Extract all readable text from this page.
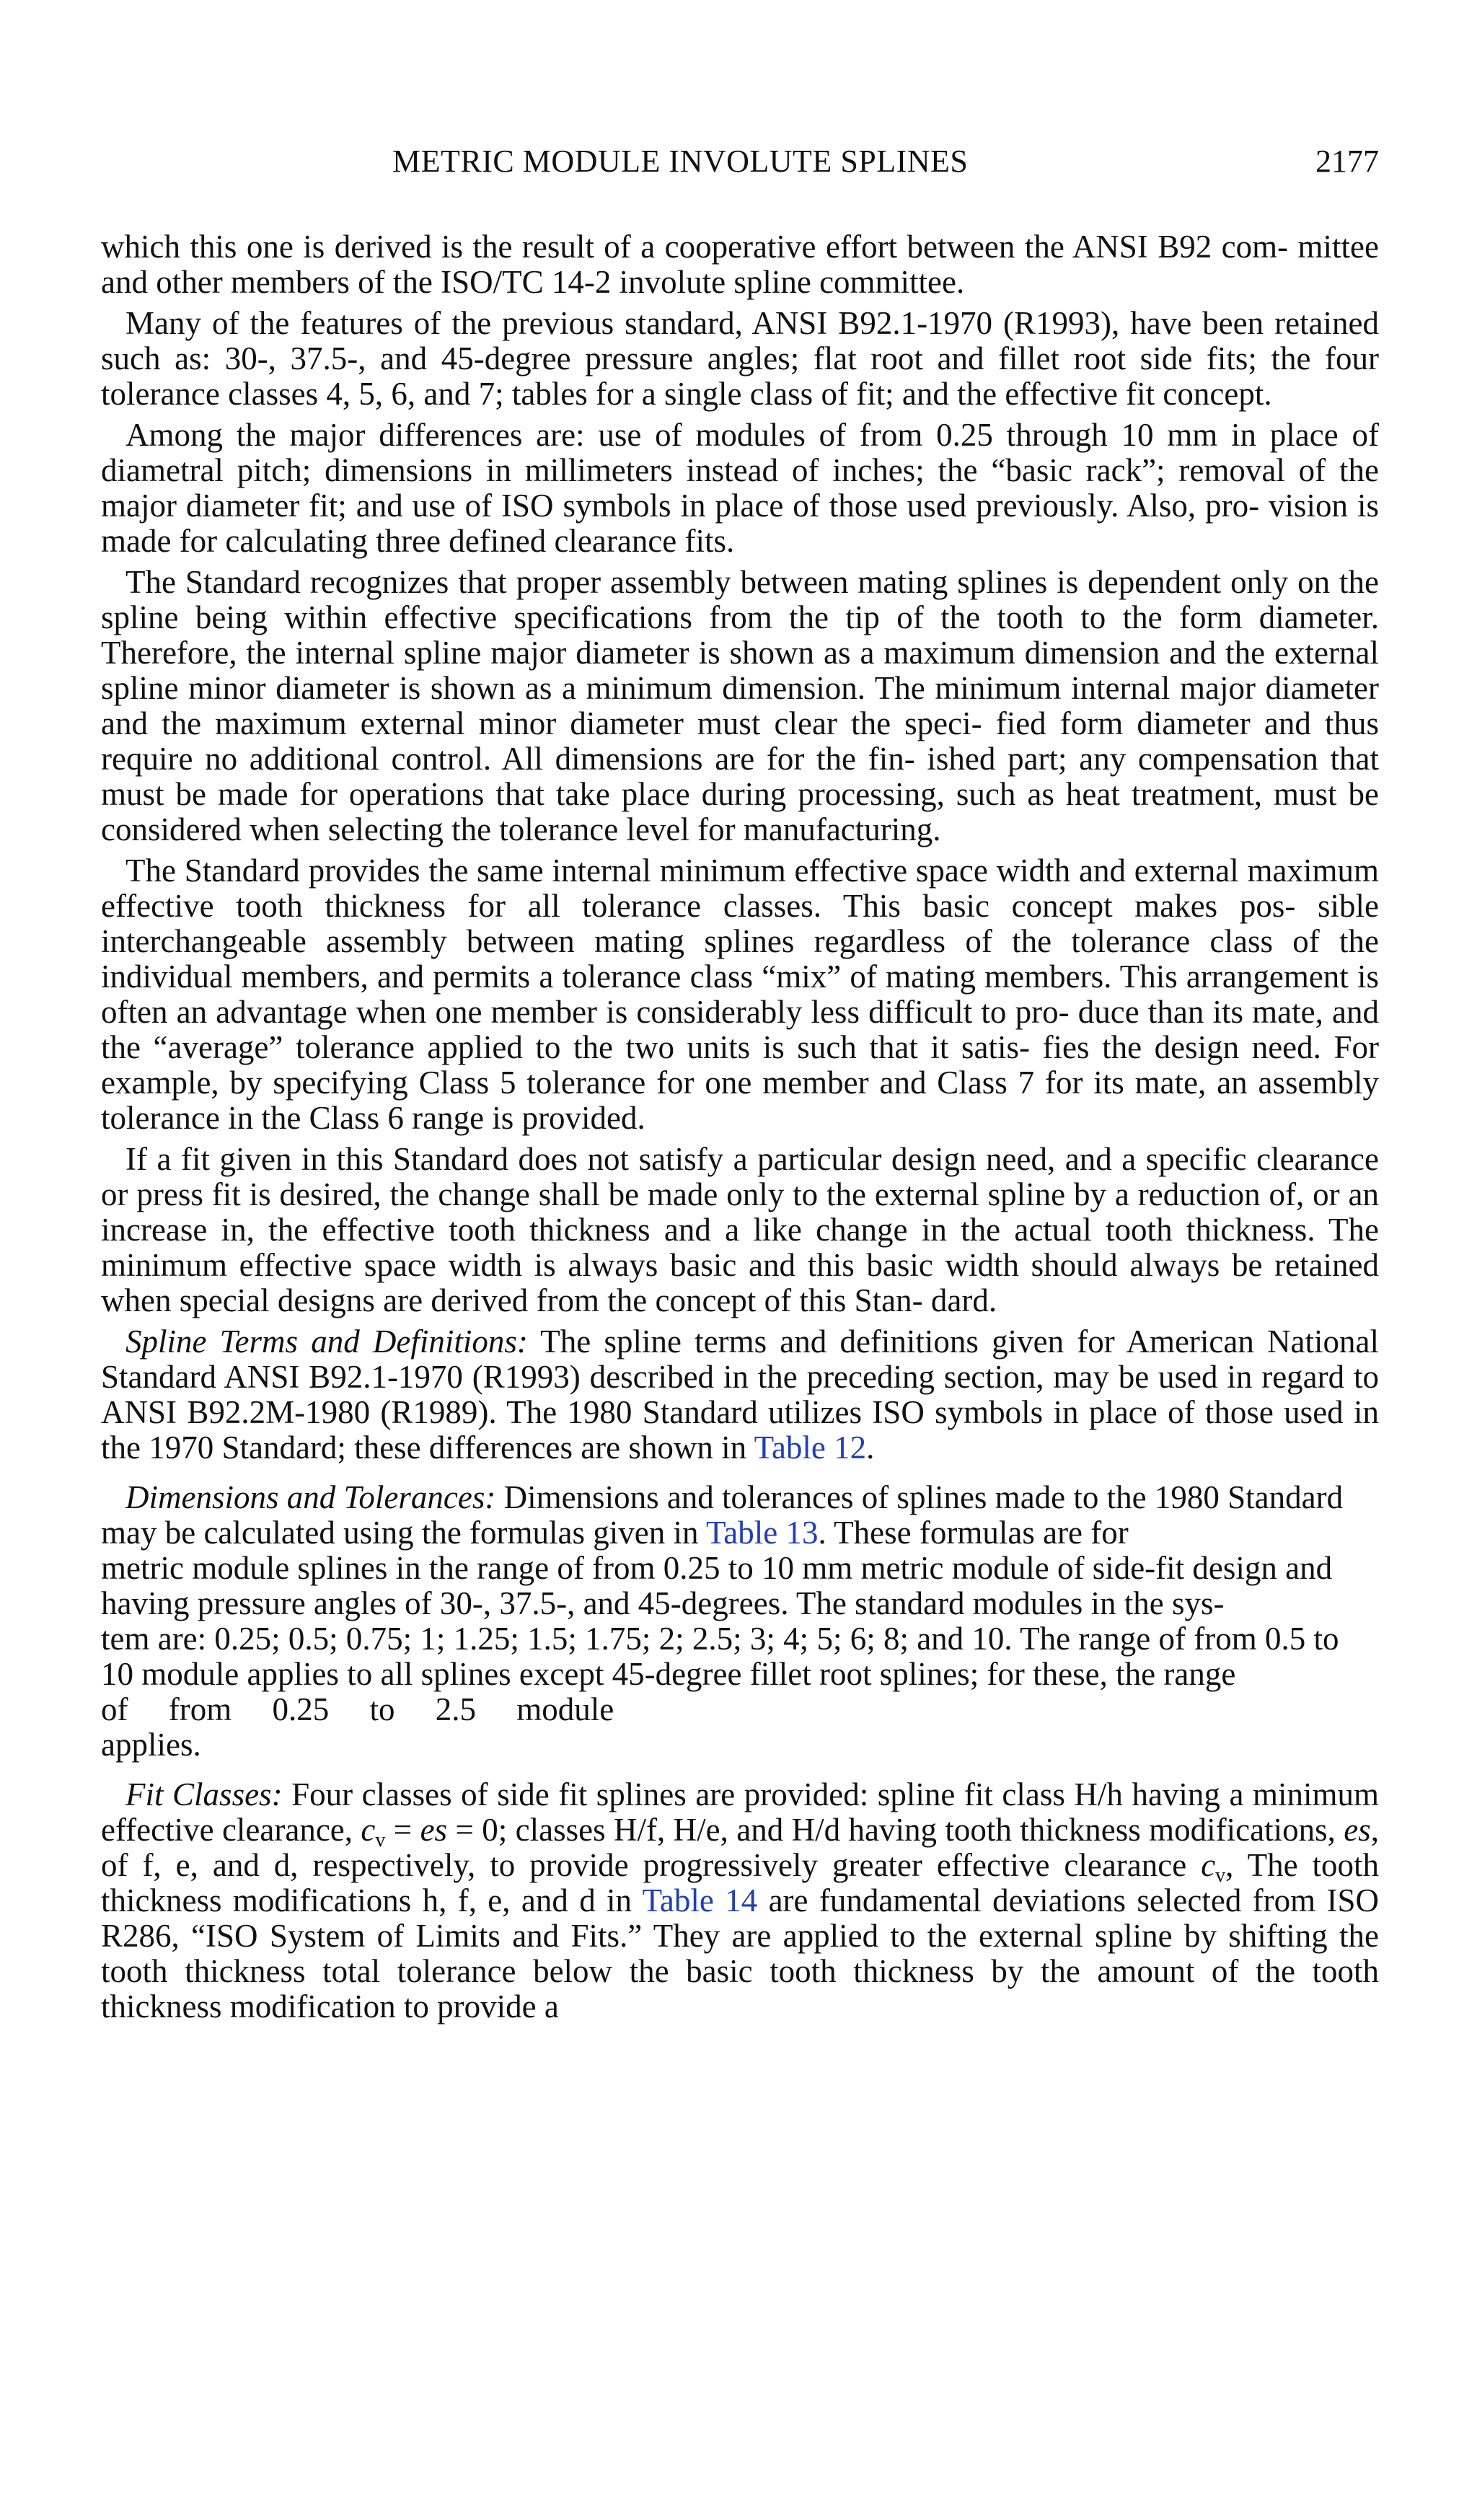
METRIC MODULE INVOLUTE SPLINES	2177

which this one is derived is the result of a cooperative effort between the ANSI B92 com- mittee and other members of the ISO/TC 14-2 involute spline committee.

Many of the features of the previous standard, ANSI B92.1-1970 (R1993), have been retained such as: 30-, 37.5-, and 45-degree pressure angles; flat root and fillet root side fits; the four tolerance classes 4, 5, 6, and 7; tables for a single class of fit; and the effective fit concept.

Among the major differences are: use of modules of from 0.25 through 10 mm in place of diametral pitch; dimensions in millimeters instead of inches; the “basic rack”; removal of the major diameter fit; and use of ISO symbols in place of those used previously. Also, pro- vision is made for calculating three defined clearance fits.

The Standard recognizes that proper assembly between mating splines is dependent only on the spline being within effective specifications from the tip of the tooth to the form diameter. Therefore, the internal spline major diameter is shown as a maximum dimension and the external spline minor diameter is shown as a minimum dimension. The minimum internal major diameter and the maximum external minor diameter must clear the speci- fied form diameter and thus require no additional control. All dimensions are for the fin- ished part; any compensation that must be made for operations that take place during processing, such as heat treatment, must be considered when selecting the tolerance level for manufacturing.

The Standard provides the same internal minimum effective space width and external maximum effective tooth thickness for all tolerance classes. This basic concept makes pos- sible interchangeable assembly between mating splines regardless of the tolerance class of the individual members, and permits a tolerance class “mix” of mating members. This arrangement is often an advantage when one member is considerably less difficult to pro- duce than its mate, and the “average” tolerance applied to the two units is such that it satis- fies the design need. For example, by specifying Class 5 tolerance for one member and Class 7 for its mate, an assembly tolerance in the Class 6 range is provided.

If a fit given in this Standard does not satisfy a particular design need, and a specific clearance or press fit is desired, the change shall be made only to the external spline by a reduction of, or an increase in, the effective tooth thickness and a like change in the actual tooth thickness. The minimum effective space width is always basic and this basic width should always be retained when special designs are derived from the concept of this Stan- dard.

Spline Terms and Definitions: The spline terms and definitions given for American National Standard ANSI B92.1-1970 (R1993) described in the preceding section, may be used in regard to ANSI B92.2M-1980 (R1989). The 1980 Standard utilizes ISO symbols in place of those used in the 1970 Standard; these differences are shown in Table 12.

Dimensions and Tolerances: Dimensions and tolerances of splines made to the 1980 Standard may be calculated using the formulas given in Table 13. These formulas are for

metric module splines in the range of from 0.25 to 10 mm metric module of side-fit design and having pressure angles of 30-, 37.5-, and 45-degrees. The standard modules in the sys-

tem are: 0.25; 0.5; 0.75; 1; 1.25; 1.5; 1.75; 2; 2.5; 3; 4; 5; 6; 8; and 10. The range of from 0.5 to 10 module applies to all splines except 45-degree fillet root splines; for these, the range

of     from     0.25     to     2.5     module applies.

Fit Classes: Four classes of side fit splines are provided: spline fit class H/h having a minimum effective clearance, $c_v$ = es = 0; classes H/f, H/e, and H/d having tooth thickness modifications, es, of f, e, and d, respectively, to provide progressively greater effective clearance $c_v$, The tooth thickness modifications h, f, e, and d in Table 14 are fundamental deviations selected from ISO R286, “ISO System of Limits and Fits.” They are applied to the external spline by shifting the tooth thickness total tolerance below the basic tooth thickness by the amount of the tooth thickness modification to provide a
